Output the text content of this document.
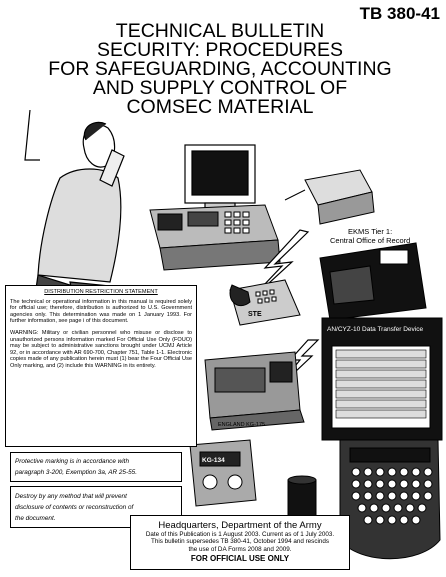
TB 380-41
TECHNICAL BULLETIN
SECURITY: PROCEDURES
FOR SAFEGUARDING, ACCOUNTING
AND SUPPLY CONTROL OF
COMSEC MATERIAL
EKMS Tier 1:
Central Office of Record
STE
ENGLAND KG-175
KG-134
AN/CYZ-10 Data Transfer Device
DISTRIBUTION RESTRICTION STATEMENT

The technical or operational information in this manual is required solely for official use; therefore, distribution is authorized to U.S. Government agencies only. This determination was made on 1 January 1993. For further information, see page i of this document.

WARNING: Military or civilian personnel who misuse or disclose to unauthorized persons information marked For Official Use Only (FOUO) may be subject to administrative sanctions brought under UCMJ Article 92, or in accordance with AR 690-700, Chapter 751, Table 1-1. Electronic copies made of any publication herein must (1) bear the Four Official Use Only marking, and (2) include this WARNING in its entirety.

Protective marking is in accordance with
paragraph 3-200, Exemption 3a, AR 25-55.
Destroy by any method that will prevent
disclosure of contents or reconstruction of
the document.
Headquarters, Department of the Army
Date of this Publication is 1 August 2003. Current as of 1 July 2003.
This bulletin supersedes TB 380-41, October 1994 and rescinds
the use of DA Forms 2008 and 2009.
FOR OFFICIAL USE ONLY
